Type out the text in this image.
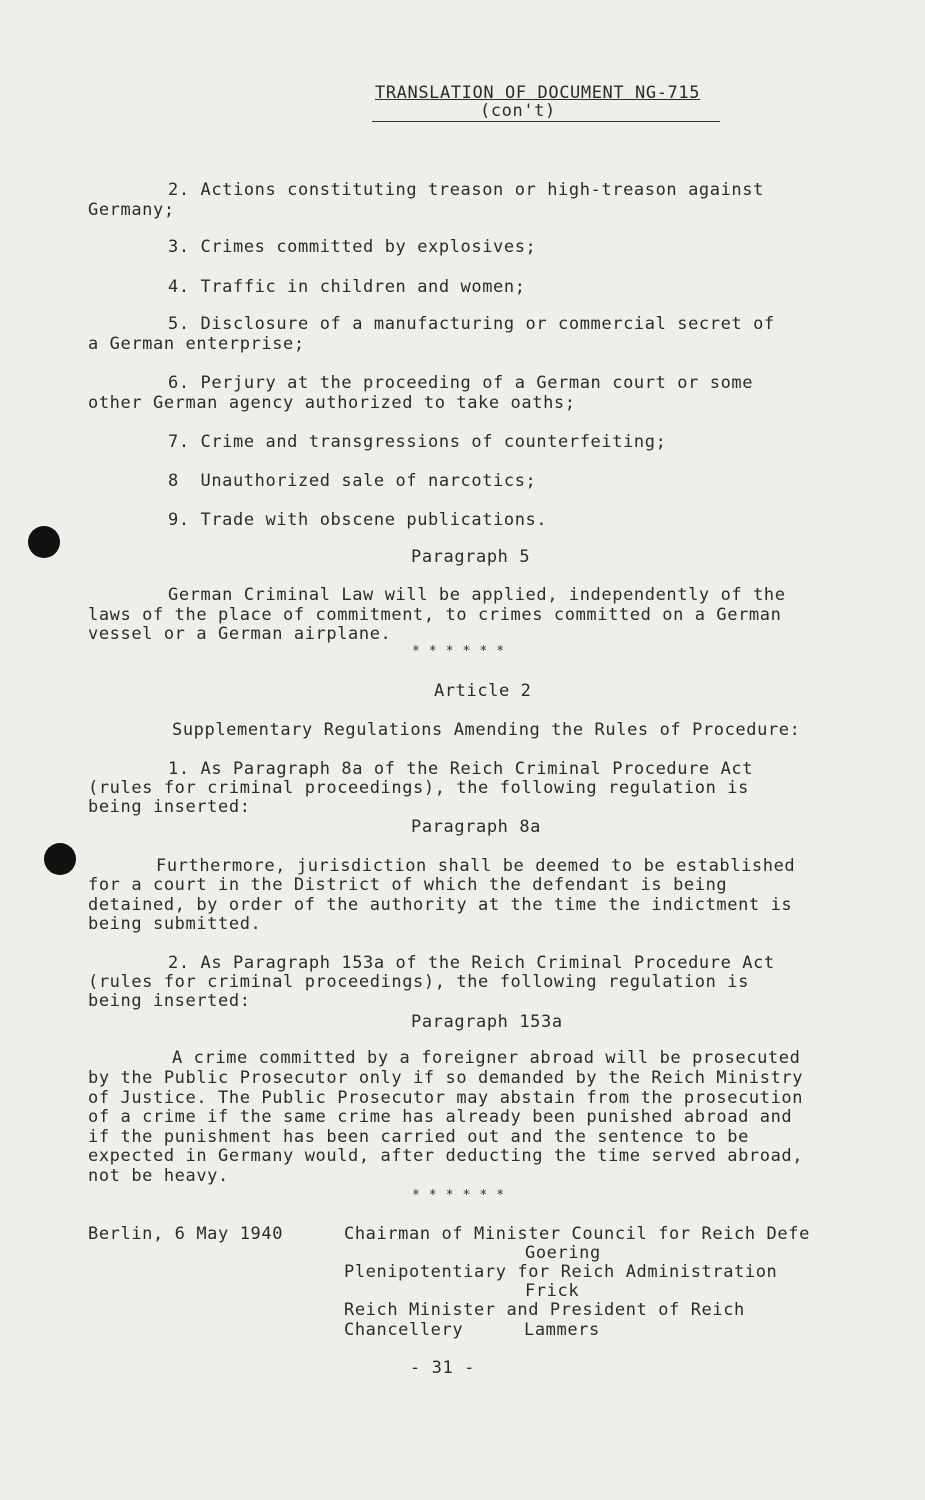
TRANSLATION OF DOCUMENT NG-715
(con't)
2. Actions constituting treason or high-treason against
Germany;
3. Crimes committed by explosives;
4. Traffic in children and women;
5. Disclosure of a manufacturing or commercial secret of
a German enterprise;
6. Perjury at the proceeding of a German court or some
other German agency authorized to take oaths;
7. Crime and transgressions of counterfeiting;
8  Unauthorized sale of narcotics;
9. Trade with obscene publications.
Paragraph 5
German Criminal Law will be applied, independently of the
laws of the place of commitment, to crimes committed on a German
vessel or a German airplane.
* * * * * *
Article 2
Supplementary Regulations Amending the Rules of Procedure:
1. As Paragraph 8a of the Reich Criminal Procedure Act
(rules for criminal proceedings), the following regulation is
being inserted:
Paragraph 8a
Furthermore, jurisdiction shall be deemed to be established
for a court in the District of which the defendant is being
detained, by order of the authority at the time the indictment is
being submitted.
2. As Paragraph 153a of the Reich Criminal Procedure Act
(rules for criminal proceedings), the following regulation is
being inserted:
Paragraph 153a
A crime committed by a foreigner abroad will be prosecuted
by the Public Prosecutor only if so demanded by the Reich Ministry
of Justice. The Public Prosecutor may abstain from the prosecution
of a crime if the same crime has already been punished abroad and
if the punishment has been carried out and the sentence to be
expected in Germany would, after deducting the time served abroad,
not be heavy.
* * * * * *
Berlin, 6 May 1940	Chairman of Minister Council for Reich Defe
Goering
Plenipotentiary for Reich Administration
Frick
Reich Minister and President of Reich
Chancellery	Lammers
- 31 -
